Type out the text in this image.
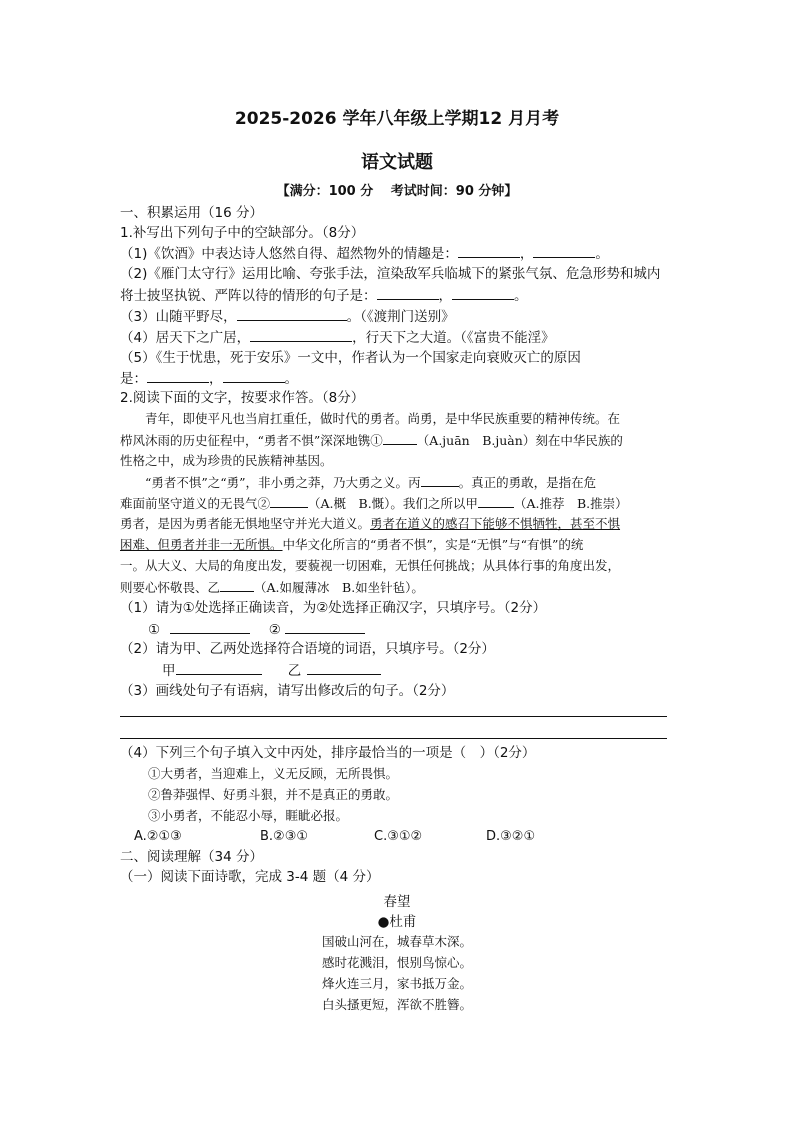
2025-2026 学年八年级上学期12 月月考
语文试题
【满分：100 分　 考试时间：90 分钟】
一、积累运用（16 分）
1.补写出下列句子中的空缺部分。（8分）
（1)《饮酒》中表达诗人悠然自得、超然物外的情趣是：	，	。
（2)《雁门太守行》运用比喻、夸张手法，渲染敌军兵临城下的紧张气氛、危急形势和城内
将士披坚执锐、严阵以待的情形的句子是：	，	。
（3）山随平野尽，	。（《渡荆门送别》
（4）居天下之广居，	，行天下之大道。（《富贵不能淫》
（5）《生于忧患，死于安乐》一文中，作者认为一个国家走向衰败灭亡的原因
是：	，	。
2.阅读下面的文字，按要求作答。（8分）
　　青年，即使平凡也当肩扛重任，做时代的勇者。尚勇，是中华民族重要的精神传统。在
栉风沐雨的历史征程中，“勇者不惧”深深地镌①	（A.juān　B.juàn）刻在中华民族的
性格之中，成为珍贵的民族精神基因。
　　“勇者不惧”之“勇”，非小勇之莽，乃大勇之义。丙	。真正的勇敢，是指在危
难面前坚守道义的无畏气②	（A.概　B.慨）。我们之所以甲	（A.推荐　B.推崇）
勇者，是因为勇者能无惧地坚守并光大道义。勇者在道义的感召下能够不惧牺牲，甚至不惧
困难、但勇者并非一无所惧。中华文化所言的“勇者不惧”，实是“无惧”与“有惧”的统
一。从大义、大局的角度出发，要藐视一切困难，无惧任何挑战；从具体行事的角度出发，
则要心怀敬畏、乙	（A.如履薄冰　B.如坐针毡）。
（1）请为①处选择正确读音，为②处选择正确汉字，只填序号。（2分）
①	②
（2）请为甲、乙两处选择符合语境的词语，只填序号。（2分）
甲	乙
（3）画线处句子有语病，请写出修改后的句子。（2分）
（4）下列三个句子填入文中丙处，排序最恰当的一项是（　）（2分）
①大勇者，当迎难上，义无反顾，无所畏惧。
②鲁莽强悍、好勇斗狠，并不是真正的勇敢。
③小勇者，不能忍小辱，睚眦必报。
A.②①③	B.②③①	C.③①②	D.③②①
二、阅读理解（34 分）
（一）阅读下面诗歌，完成 3-4 题（4 分）
春望
●杜甫
国破山河在，城春草木深。
感时花溅泪，恨别鸟惊心。
烽火连三月，家书抵万金。
白头搔更短，浑欲不胜簪。
